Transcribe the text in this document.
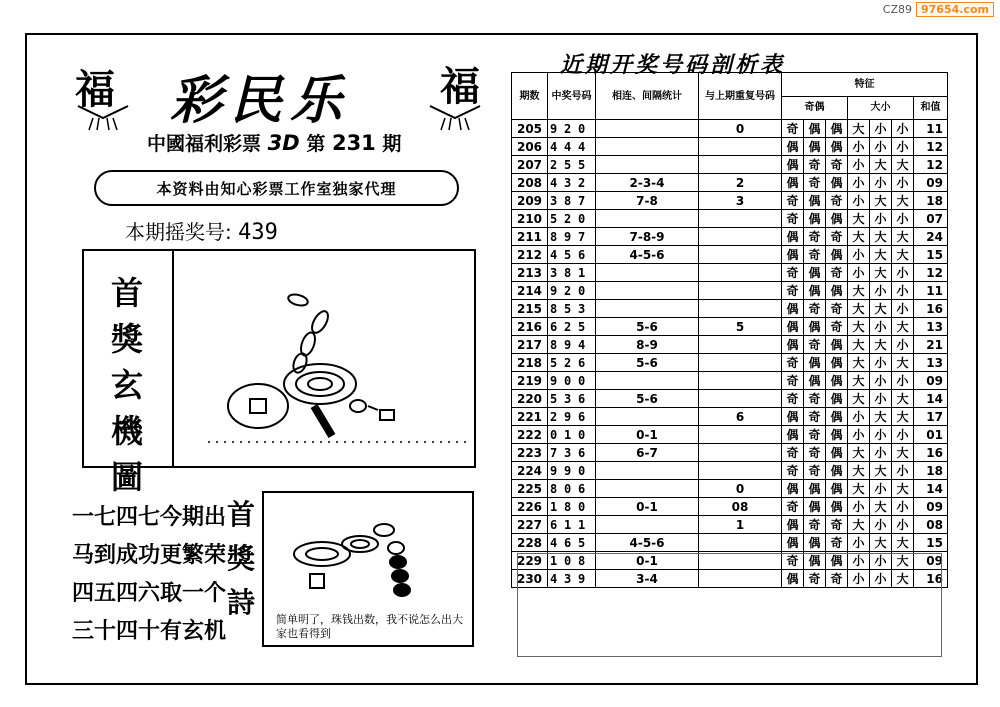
CZ89 97654.com
福	福
彩民乐
中國福利彩票 3D 第 231 期
本资料由知心彩票工作室独家代理
本期摇奖号: 439
首
獎
玄
機
圖
一七四七今期出
马到成功更繁荣
四五四六取一个
三十四十有玄机
首
獎
詩
简单明了，珠钱出数，我不说怎么出大家也看得到
近期开奖号码剖析表
期数	中奖号码	相连、间隔统计	与上期重复号码	特征						
				奇偶			大小			和值
205	9 2 0		0	奇	偶	偶	大	小	小	11
206	4 4 4			偶	偶	偶	小	小	小	12
207	2 5 5			偶	奇	奇	小	大	大	12
208	4 3 2	2-3-4	2	偶	奇	偶	小	小	小	09
209	3 8 7	7-8	3	奇	偶	奇	小	大	大	18
210	5 2 0			奇	偶	偶	大	小	小	07
211	8 9 7	7-8-9		偶	奇	奇	大	大	大	24
212	4 5 6	4-5-6		偶	奇	偶	小	大	大	15
213	3 8 1			奇	偶	奇	小	大	小	12
214	9 2 0			奇	偶	偶	大	小	小	11
215	8 5 3			偶	奇	奇	大	大	小	16
216	6 2 5	5-6	5	偶	偶	奇	大	小	大	13
217	8 9 4	8-9		偶	奇	偶	大	大	小	21
218	5 2 6	5-6		奇	偶	偶	大	小	大	13
219	9 0 0			奇	偶	偶	大	小	小	09
220	5 3 6	5-6		奇	奇	偶	大	小	大	14
221	2 9 6		6	偶	奇	偶	小	大	大	17
222	0 1 0	0-1		偶	奇	偶	小	小	小	01
223	7 3 6	6-7		奇	奇	偶	大	小	大	16
224	9 9 0			奇	奇	偶	大	大	小	18
225	8 0 6		0	偶	偶	偶	大	小	大	14
226	1 8 0	0-1	08	奇	偶	偶	小	大	小	09
227	6 1 1		1	偶	奇	奇	大	小	小	08
228	4 6 5	4-5-6		偶	偶	奇	小	大	大	15
229	1 0 8	0-1		奇	偶	偶	小	小	大	09
230	4 3 9	3-4		偶	奇	奇	小	小	大	16
